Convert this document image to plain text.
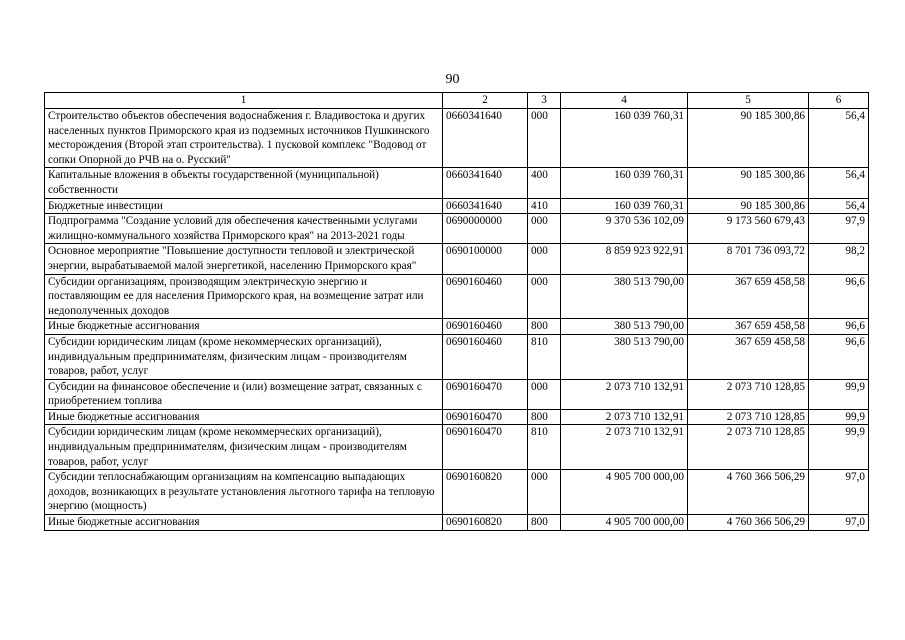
90
1	2	3	4	5	6
Строительство объектов обеспечения водоснабжения г. Владивостока и других населенных пунктов Приморского края из подземных источников Пушкинского месторождения (Второй этап строительства). 1 пусковой комплекс "Водовод от сопки Опорной до РЧВ на о. Русский"	0660341640	000	160 039 760,31	90 185 300,86	56,4
Капитальные вложения в объекты государственной (муниципальной) собственности	0660341640	400	160 039 760,31	90 185 300,86	56,4
Бюджетные инвестиции	0660341640	410	160 039 760,31	90 185 300,86	56,4
Подпрограмма "Создание условий для обеспечения качественными услугами жилищно-коммунального хозяйства Приморского края" на 2013-2021 годы	0690000000	000	9 370 536 102,09	9 173 560 679,43	97,9
Основное мероприятие "Повышение доступности тепловой и электрической энергии, вырабатываемой малой энергетикой, населению Приморского края"	0690100000	000	8 859 923 922,91	8 701 736 093,72	98,2
Субсидии организациям, производящим электрическую энергию и поставляющим ее для населения Приморского края, на возмещение затрат или недополученных доходов	0690160460	000	380 513 790,00	367 659 458,58	96,6
Иные бюджетные ассигнования	0690160460	800	380 513 790,00	367 659 458,58	96,6
Субсидии юридическим лицам (кроме некоммерческих организаций), индивидуальным предпринимателям, физическим лицам - производителям товаров, работ, услуг	0690160460	810	380 513 790,00	367 659 458,58	96,6
Субсидии на финансовое обеспечение и (или) возмещение затрат, связанных с приобретением топлива	0690160470	000	2 073 710 132,91	2 073 710 128,85	99,9
Иные бюджетные ассигнования	0690160470	800	2 073 710 132,91	2 073 710 128,85	99,9
Субсидии юридическим лицам (кроме некоммерческих организаций), индивидуальным предпринимателям, физическим лицам - производителям товаров, работ, услуг	0690160470	810	2 073 710 132,91	2 073 710 128,85	99,9
Субсидии теплоснабжающим организациям на компенсацию выпадающих доходов, возникающих в результате установления льготного тарифа на тепловую энергию (мощность)	0690160820	000	4 905 700 000,00	4 760 366 506,29	97,0
Иные бюджетные ассигнования	0690160820	800	4 905 700 000,00	4 760 366 506,29	97,0
